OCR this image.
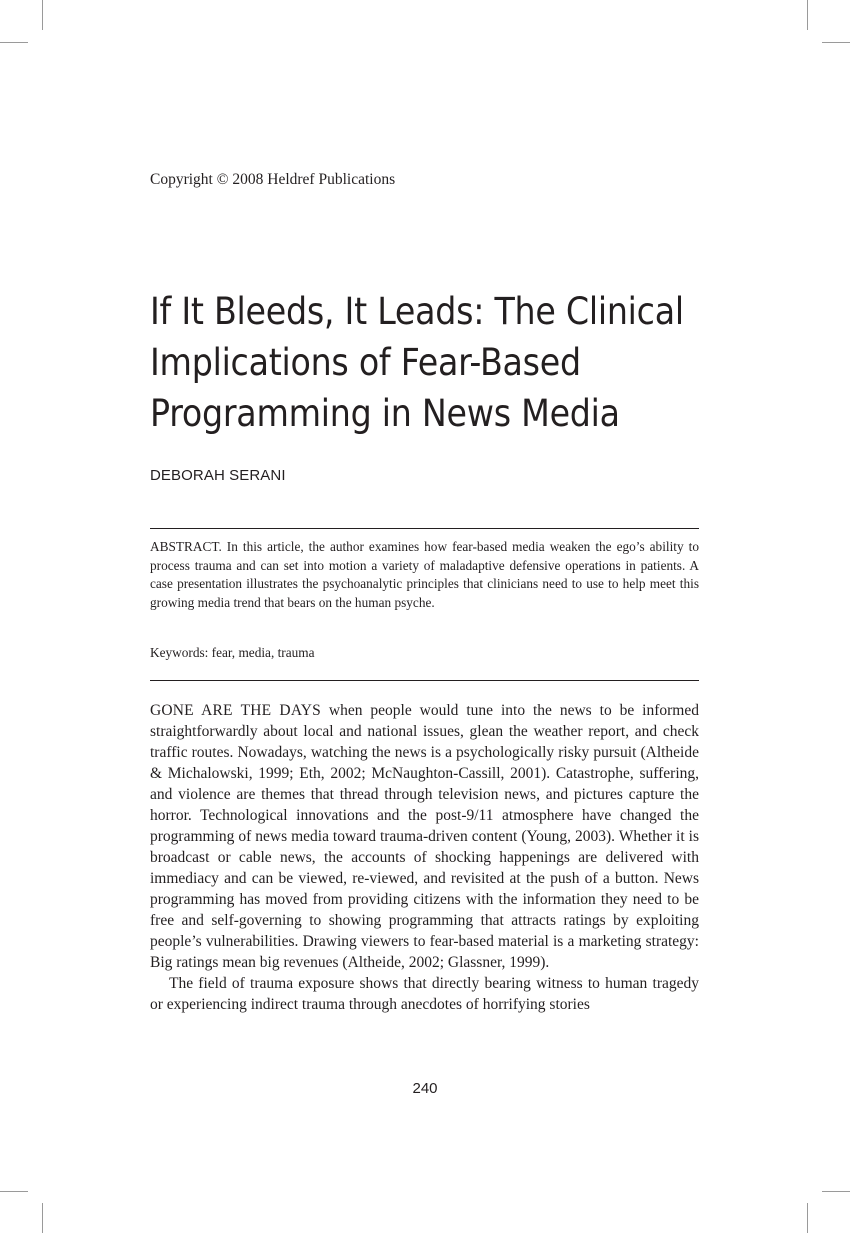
Copyright © 2008 Heldref Publications
If It Bleeds, It Leads: The Clinical
Implications of Fear-Based
Programming in News Media
DEBORAH SERANI

ABSTRACT. In this article, the author examines how fear-based media weaken the ego’s ability to process trauma and can set into motion a variety of maladaptive defensive operations in patients. A case presentation illustrates the psychoanalytic principles that clinicians need to use to help meet this growing media trend that bears on the human psyche.

Keywords: fear, media, trauma

GONE ARE THE DAYS when people would tune into the news to be informed straightforwardly about local and national issues, glean the weather report, and check traffic routes. Nowadays, watching the news is a psychologically risky pursuit (Altheide & Michalowski, 1999; Eth, 2002; McNaughton-Cassill, 2001). Catastrophe, suffering, and violence are themes that thread through television news, and pictures capture the horror. Technological innovations and the post-9/11 atmosphere have changed the programming of news media toward trauma-driven content (Young, 2003). Whether it is broadcast or cable news, the accounts of shocking happenings are delivered with immediacy and can be viewed, re-viewed, and revisited at the push of a button. News programming has moved from providing citizens with the information they need to be free and self-governing to showing programming that attracts ratings by exploiting people’s vulnerabilities. Drawing viewers to fear-based material is a marketing strategy: Big ratings mean big revenues (Altheide, 2002; Glassner, 1999).

The field of trauma exposure shows that directly bearing witness to human tragedy or experiencing indirect trauma through anecdotes of horrifying stories

240
